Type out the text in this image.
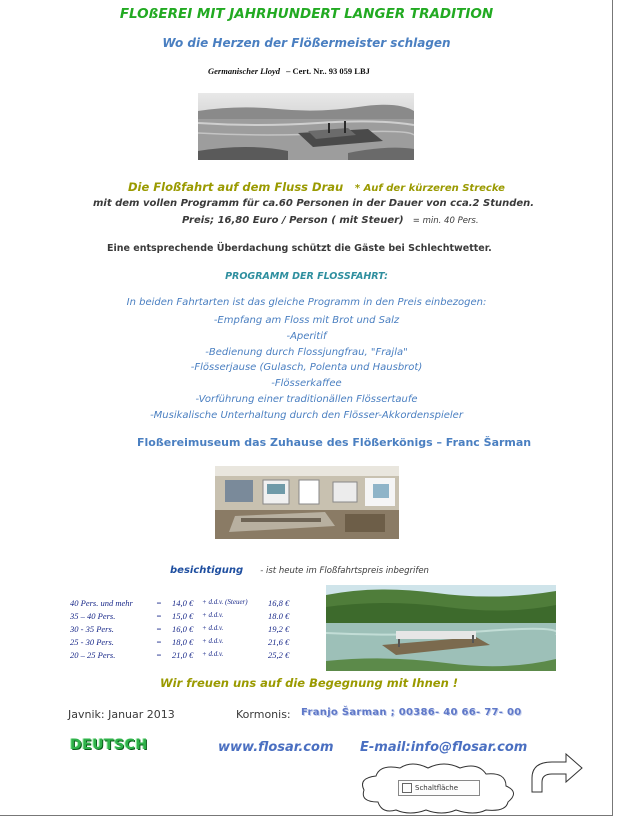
FLOßEREI MIT JAHRHUNDERT LANGER TRADITION
Wo die Herzen der Flößermeister schlagen
Germanischer Lloyd – Cert. Nr.. 93 059 LBJ
Die Floßfahrt auf dem Fluss Drau * Auf der kürzeren Strecke
mit dem vollen Programm für ca.60 Personen in der Dauer von cca.2 Stunden.
Preis; 16,80 Euro / Person ( mit Steuer) = min. 40 Pers.
Eine entsprechende Überdachung schützt die Gäste bei Schlechtwetter.
PROGRAMM DER FLOSSFAHRT:
In beiden Fahrtarten ist das gleiche Programm in den Preis einbezogen:
-Empfang am Floss mit Brot und Salz
-Aperitif
-Bedienung durch Flossjungfrau, "Frajla"
-Flösserjause (Gulasch, Polenta und Hausbrot)
-Flösserkaffee
-Vorführung einer traditionällen Flössertaufe
-Musikalische Unterhaltung durch den Flösser-Akkordenspieler
Floßereimuseum das Zuhause des Flößerkönigs – Franc Šarman
besichtigung - ist heute im Floßfahrtspreis inbegrifen
40 Pers. und mehr	= 14,0 € + d.d.v. (Steuer) 16,8 €
35 – 40 Pers.	= 15,0 € + d.d.v.	18.0 €
30 - 35 Pers.	= 16,0 € + d.d.v.	19,2 €
25 - 30 Pers.	= 18,0 € + d.d.v.	21,6 €
20 – 25 Pers.	= 21,0 € + d.d.v.	25,2 €
Wir freuen uns auf die Begegnung mit Ihnen !
Javnik: Januar 2013	Kormonis: Franjo Šarman ; 00386- 40 66- 77- 00
DEUTSCH	www.flosar.com E-mail:info@flosar.com
Schaltfläche
